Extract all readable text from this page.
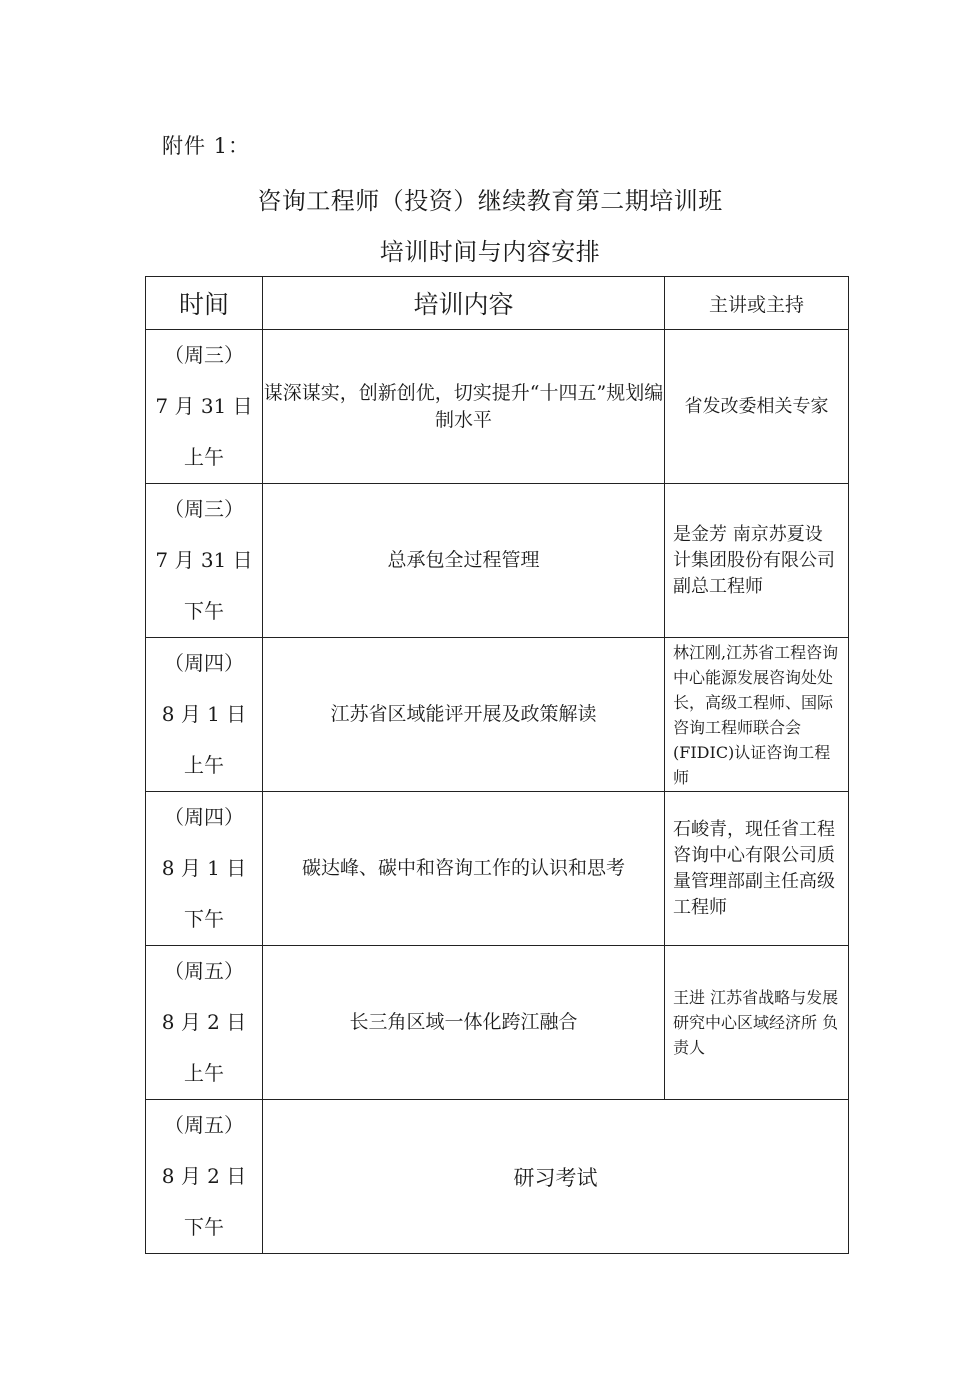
附件 1：
咨询工程师（投资）继续教育第二期培训班
培训时间与内容安排
时间	培训内容	主讲或主持

（周三）
7 月 31 日
上午	谋深谋实，创新创优，切实提升“十四五”规划编制水平	省发改委相关专家

（周三）
7 月 31 日
下午	总承包全过程管理	是金芳 南京苏夏设计集团股份有限公司 副总工程师

（周四）
8 月 1 日
上午	江苏省区域能评开展及政策解读	林江刚,江苏省工程咨询中心能源发展咨询处处长，高级工程师、国际咨询工程师联合会(FIDIC)认证咨询工程师

（周四）
8 月 1 日
下午	碳达峰、碳中和咨询工作的认识和思考	石峻青，现任省工程咨询中心有限公司质量管理部副主任高级工程师

（周五）
8 月 2 日
上午	长三角区域一体化跨江融合	王进 江苏省战略与发展研究中心区域经济所 负责人

（周五）
8 月 2 日
下午	研习考试	
